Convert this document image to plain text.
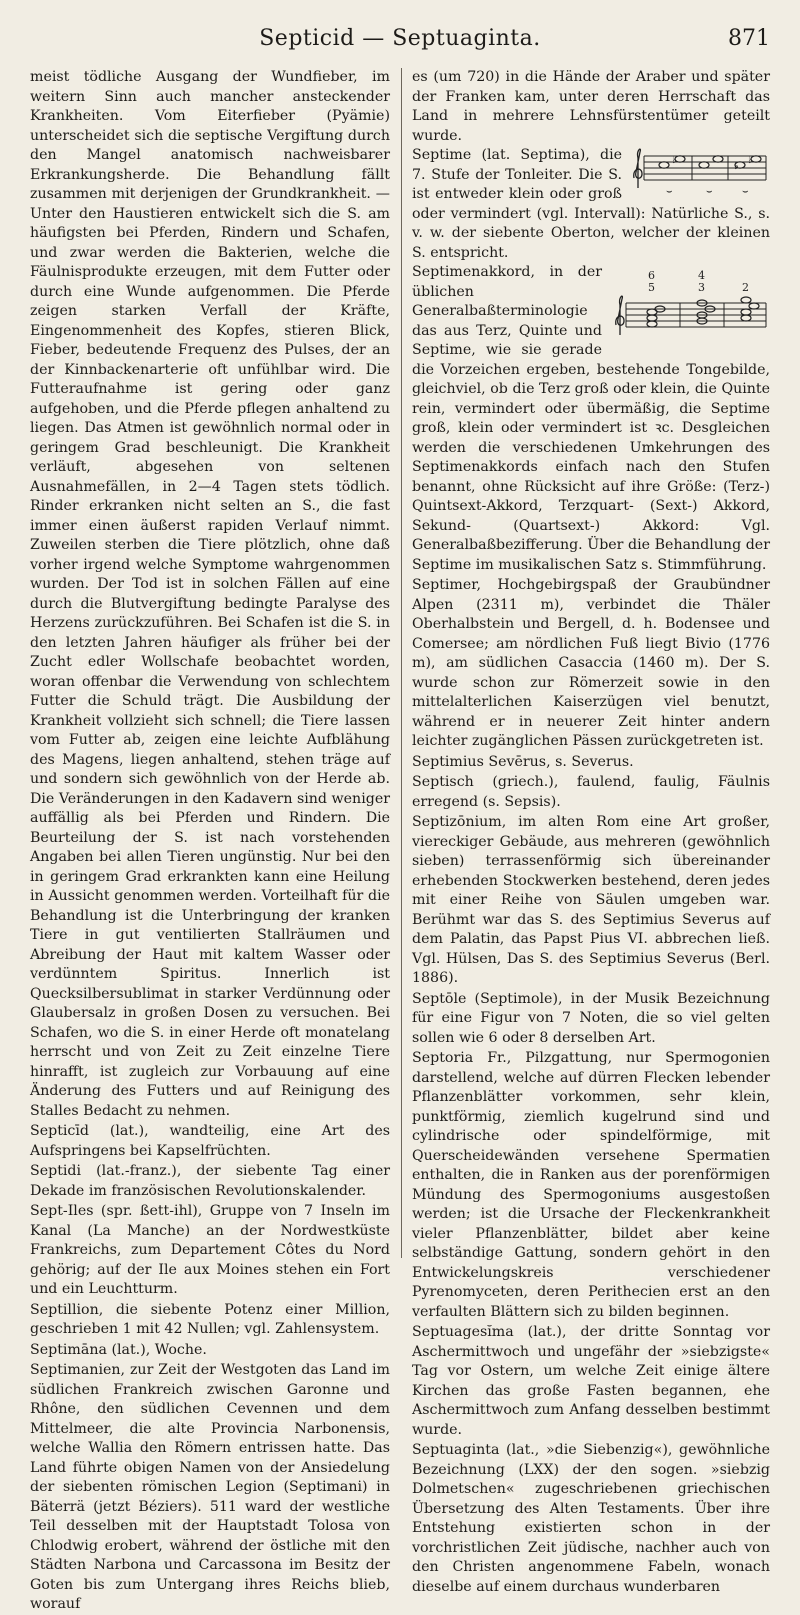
Septicid — Septuaginta.	871

meist tödliche Ausgang der Wundfieber, im weitern Sinn auch mancher ansteckender Krankheiten. Vom Eiterfieber (Pyämie) unterscheidet sich die septische Vergiftung durch den Mangel anatomisch nachweisbarer Erkrankungsherde. Die Behandlung fällt zusammen mit derjenigen der Grundkrankheit. — Unter den Haustieren entwickelt sich die S. am häufigsten bei Pferden, Rindern und Schafen, und zwar werden die Bakterien, welche die Fäulnisprodukte erzeugen, mit dem Futter oder durch eine Wunde aufgenommen. Die Pferde zeigen starken Verfall der Kräfte, Eingenommenheit des Kopfes, stieren Blick, Fieber, bedeutende Frequenz des Pulses, der an der Kinnbackenarterie oft unfühlbar wird. Die Futteraufnahme ist gering oder ganz aufgehoben, und die Pferde pflegen anhaltend zu liegen. Das Atmen ist gewöhnlich normal oder in geringem Grad beschleunigt. Die Krankheit verläuft, abgesehen von seltenen Ausnahmefällen, in 2—4 Tagen stets tödlich. Rinder erkranken nicht selten an S., die fast immer einen äußerst rapiden Verlauf nimmt. Zuweilen sterben die Tiere plötzlich, ohne daß vorher irgend welche Symptome wahrgenommen wurden. Der Tod ist in solchen Fällen auf eine durch die Blutvergiftung bedingte Paralyse des Herzens zurückzuführen. Bei Schafen ist die S. in den letzten Jahren häufiger als früher bei der Zucht edler Wollschafe beobachtet worden, woran offenbar die Verwendung von schlechtem Futter die Schuld trägt. Die Ausbildung der Krankheit vollzieht sich schnell; die Tiere lassen vom Futter ab, zeigen eine leichte Aufblähung des Magens, liegen anhaltend, stehen träge auf und sondern sich gewöhnlich von der Herde ab. Die Veränderungen in den Kadavern sind weniger auffällig als bei Pferden und Rindern. Die Beurteilung der S. ist nach vorstehenden Angaben bei allen Tieren ungünstig. Nur bei den in geringem Grad erkrankten kann eine Heilung in Aussicht genommen werden. Vorteilhaft für die Behandlung ist die Unterbringung der kranken Tiere in gut ventilierten Stallräumen und Abreibung der Haut mit kaltem Wasser oder verdünntem Spiritus. Innerlich ist Quecksilbersublimat in starker Verdünnung oder Glaubersalz in großen Dosen zu versuchen. Bei Schafen, wo die S. in einer Herde oft monatelang herrscht und von Zeit zu Zeit einzelne Tiere hinrafft, ist zugleich zur Vorbauung auf eine Änderung des Futters und auf Reinigung des Stalles Bedacht zu nehmen.

Septicīd (lat.), wandteilig, eine Art des Aufspringens bei Kapselfrüchten.

Septidi (lat.-franz.), der siebente Tag einer Dekade im französischen Revolutionskalender.

Sept-Iles (spr. ßett-ihl), Gruppe von 7 Inseln im Kanal (La Manche) an der Nordwestküste Frankreichs, zum Departement Côtes du Nord gehörig; auf der Ile aux Moines stehen ein Fort und ein Leuchtturm.

Septillion, die siebente Potenz einer Million, geschrieben 1 mit 42 Nullen; vgl. Zahlensystem.

Septimāna (lat.), Woche.

Septimanien, zur Zeit der Westgoten das Land im südlichen Frankreich zwischen Garonne und Rhône, den südlichen Cevennen und dem Mittelmeer, die alte Provincia Narbonensis, welche Wallia den Römern entrissen hatte. Das Land führte obigen Namen von der Ansiedelung der siebenten römischen Legion (Septimani) in Bäterrä (jetzt Béziers). 511 ward der westliche Teil desselben mit der Hauptstadt Tolosa von Chlodwig erobert, während der östliche mit den Städten Narbona und Carcassona im Besitz der Goten bis zum Untergang ihres Reichs blieb, worauf

es (um 720) in die Hände der Araber und später der Franken kam, unter deren Herrschaft das Land in mehrere Lehnsfürstentümer geteilt wurde.

♭	♭
♭
⌣	⌣	⌣

Septime (lat. Septima), die 7. Stufe der Tonleiter. Die S. ist entweder klein oder groß oder vermindert (vgl. Intervall): Natürliche S., s. v. w. der siebente Oberton, welcher der kleinen S. entspricht.

6
5
4
3	2

Septimenakkord, in der üblichen Generalbaßterminologie das aus Terz, Quinte und Septime, wie sie gerade die Vorzeichen ergeben, bestehende Tongebilde, gleichviel, ob die Terz groß oder klein, die Quinte rein, vermindert oder übermäßig, die Septime groß, klein oder vermindert ist ꝛc. Desgleichen werden die verschiedenen Umkehrungen des Septimenakkords einfach nach den Stufen benannt, ohne Rücksicht auf ihre Größe: (Terz-) Quintsext-Akkord, Terzquart- (Sext-) Akkord, Sekund- (Quartsext-) Akkord: Vgl. Generalbaßbezifferung. Über die Behandlung der Septime im musikalischen Satz s. Stimmführung.

Septimer, Hochgebirgspaß der Graubündner Alpen (2311 m), verbindet die Thäler Oberhalbstein und Bergell, d. h. Bodensee und Comersee; am nördlichen Fuß liegt Bivio (1776 m), am südlichen Casaccia (1460 m). Der S. wurde schon zur Römerzeit sowie in den mittelalterlichen Kaiserzügen viel benutzt, während er in neuerer Zeit hinter andern leichter zugänglichen Pässen zurückgetreten ist.

Septimius Sevērus, s. Severus.

Septisch (griech.), faulend, faulig, Fäulnis erregend (s. Sepsis).

Septizōnium, im alten Rom eine Art großer, viereckiger Gebäude, aus mehreren (gewöhnlich sieben) terrassenförmig sich übereinander erhebenden Stockwerken bestehend, deren jedes mit einer Reihe von Säulen umgeben war. Berühmt war das S. des Septimius Severus auf dem Palatin, das Papst Pius VI. abbrechen ließ. Vgl. Hülsen, Das S. des Septimius Severus (Berl. 1886).

Septōle (Septimole), in der Musik Bezeichnung für eine Figur von 7 Noten, die so viel gelten sollen wie 6 oder 8 derselben Art.

Septoria Fr., Pilzgattung, nur Spermogonien darstellend, welche auf dürren Flecken lebender Pflanzenblätter vorkommen, sehr klein, punktförmig, ziemlich kugelrund sind und cylindrische oder spindelförmige, mit Querscheidewänden versehene Spermatien enthalten, die in Ranken aus der porenförmigen Mündung des Spermogoniums ausgestoßen werden; ist die Ursache der Fleckenkrankheit vieler Pflanzenblätter, bildet aber keine selbständige Gattung, sondern gehört in den Entwickelungskreis verschiedener Pyrenomyceten, deren Perithecien erst an den verfaulten Blättern sich zu bilden beginnen.

Septuagesĭma (lat.), der dritte Sonntag vor Aschermittwoch und ungefähr der »siebzigste« Tag vor Ostern, um welche Zeit einige ältere Kirchen das große Fasten begannen, ehe Aschermittwoch zum Anfang desselben bestimmt wurde.

Septuaginta (lat., »die Siebenzig«), gewöhnliche Bezeichnung (LXX) der den sogen. »siebzig Dolmetschen« zugeschriebenen griechischen Übersetzung des Alten Testaments. Über ihre Entstehung existierten schon in der vorchristlichen Zeit jüdische, nachher auch von den Christen angenommene Fabeln, wonach dieselbe auf einem durchaus wunderbaren
